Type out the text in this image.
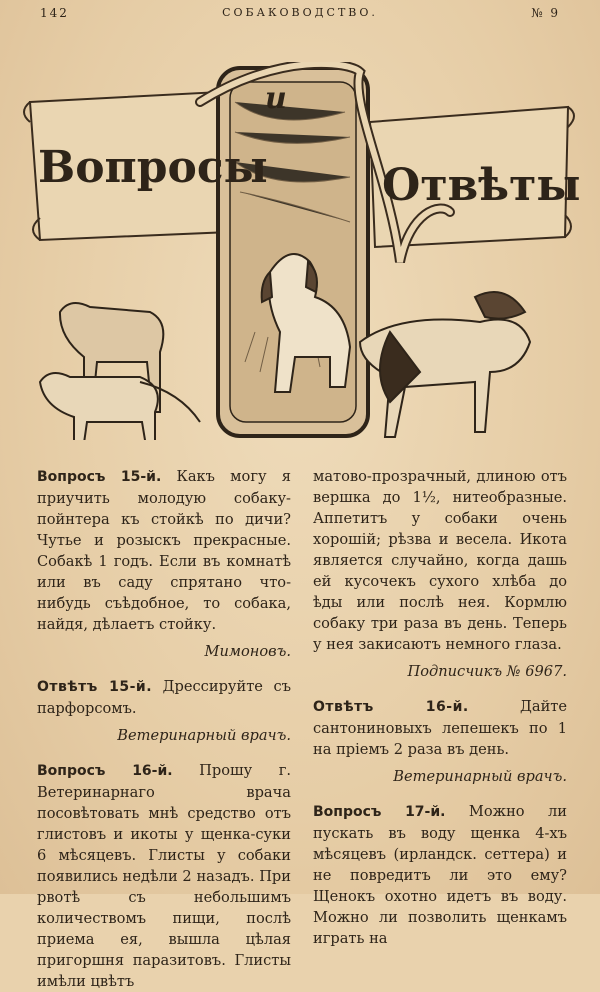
142	СОБАКОВОДСТВО.	№ 9
Вопросы
и
Отвѣты

Вопросъ 15-й. Какъ могу я приучить молодую собаку-пойнтера къ стойкѣ по дичи? Чутье и розыскъ прекрасные. Собакѣ 1 годъ. Если въ комнатѣ или въ саду спрятано что-нибудь съѣдобное, то собака, найдя, дѣлаетъ стойку.

Мимоновъ.

Отвѣтъ 15-й. Дрессируйте съ парфорсомъ.

Ветеринарный врачъ.

Вопросъ 16-й. Прошу г. Ветеринарнаго врача посовѣтовать мнѣ средство отъ глистовъ и икоты у щенка-суки 6 мѣсяцевъ. Глисты у собаки появились недѣли 2 назадъ. При рвотѣ съ небольшимъ количествомъ пищи, послѣ приема ея, вышла цѣлая пригоршня паразитовъ. Глисты имѣли цвѣтъ

матово-прозрачный, длиною отъ вершка до 1½, нитеобразные. Аппетитъ у собаки очень хорошій; рѣзва и весела. Икота является случайно, когда дашь ей кусочекъ сухого хлѣба до ѣды или послѣ нея. Кормлю собаку три раза въ день. Теперь у нея закисаютъ немного глаза.

Подписчикъ № 6967.

Отвѣтъ 16-й.	Дайте сантониновыхъ лепешекъ по 1 на пріемъ 2 раза въ день.

Ветеринарный врачъ.

Вопросъ 17-й. Можно ли пускать въ воду щенка 4-хъ мѣсяцевъ (ирландск. сеттера) и не повредитъ ли это ему? Щенокъ охотно идетъ въ воду. Можно ли позволить щенкамъ играть на
